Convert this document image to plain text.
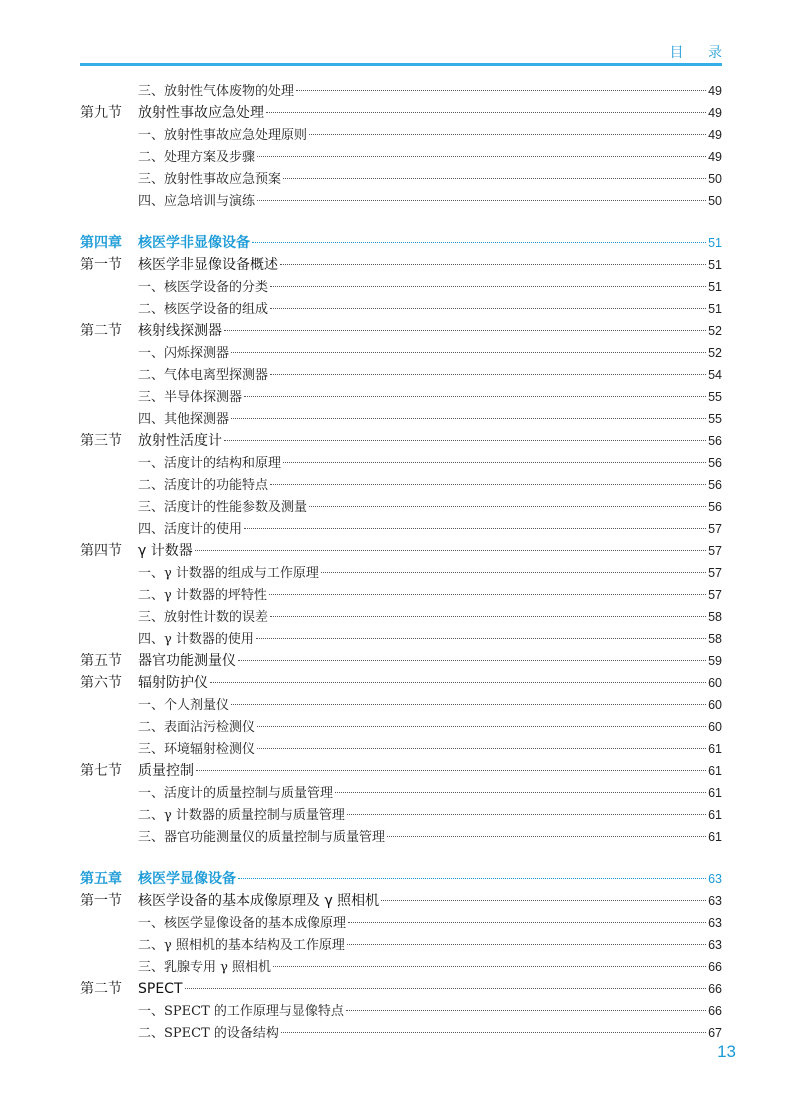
目 录
三、放射性气体废物的处理	49
第九节 放射性事故应急处理	49
一、放射性事故应急处理原则	49
二、处理方案及步骤	49
三、放射性事故应急预案	50
四、应急培训与演练	50
第四章 核医学非显像设备	51
第一节 核医学非显像设备概述	51
一、核医学设备的分类	51
二、核医学设备的组成	51
第二节 核射线探测器	52
一、闪烁探测器	52
二、气体电离型探测器	54
三、半导体探测器	55
四、其他探测器	55
第三节 放射性活度计	56
一、活度计的结构和原理	56
二、活度计的功能特点	56
三、活度计的性能参数及测量	56
四、活度计的使用	57
第四节 γ 计数器	57
一、γ 计数器的组成与工作原理	57
二、γ 计数器的坪特性	57
三、放射性计数的误差	58
四、γ 计数器的使用	58
第五节 器官功能测量仪	59
第六节 辐射防护仪	60
一、个人剂量仪	60
二、表面沾污检测仪	60
三、环境辐射检测仪	61
第七节 质量控制	61
一、活度计的质量控制与质量管理	61
二、γ 计数器的质量控制与质量管理	61
三、器官功能测量仪的质量控制与质量管理	61
第五章 核医学显像设备	63
第一节 核医学设备的基本成像原理及 γ 照相机	63
一、核医学显像设备的基本成像原理	63
二、γ 照相机的基本结构及工作原理	63
三、乳腺专用 γ 照相机	66
第二节 SPECT	66
一、SPECT 的工作原理与显像特点	66
二、SPECT 的设备结构	67
13
